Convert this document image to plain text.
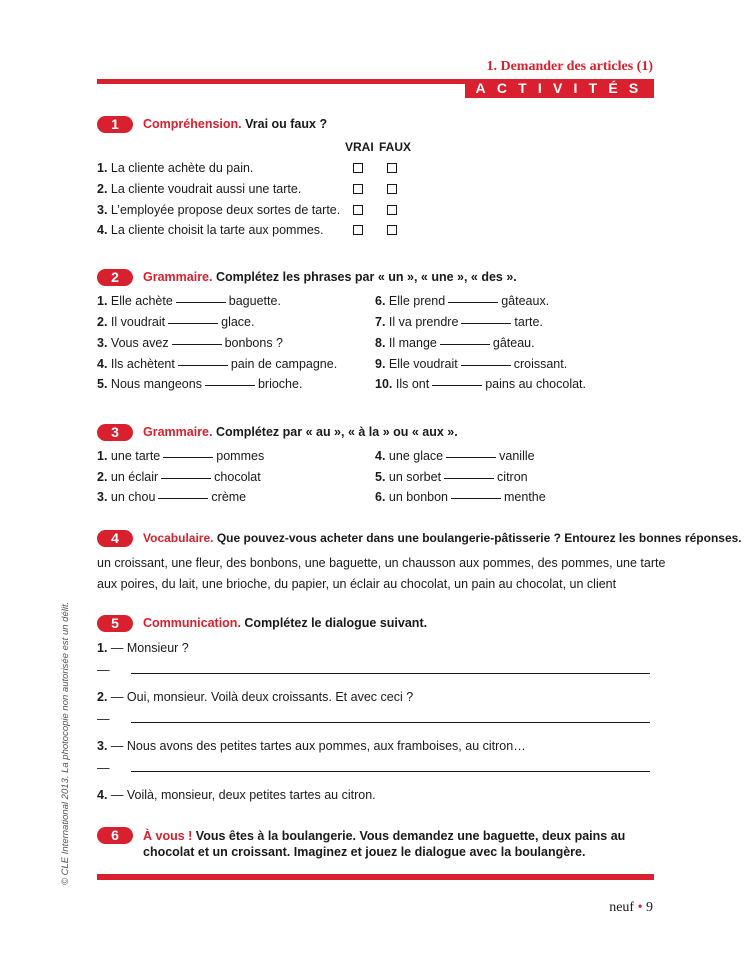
1. Demander des articles (1)
ACTIVITÉS
1	Compréhension. Vrai ou faux ?
VRAI FAUX
1. La cliente achète du pain.
2. La cliente voudrait aussi une tarte.
3. L’employée propose deux sortes de tarte.
4. La cliente choisit la tarte aux pommes.
2	Grammaire. Complétez les phrases par « un », « une », « des ».
1. Elle achète	baguette.
2. Il voudrait	glace.
3. Vous avez	bonbons ?
4. Ils achètent	pain de campagne.
5. Nous mangeons	brioche.
6. Elle prend	gâteaux.
7. Il va prendre	tarte.
8. Il mange	gâteau.
9. Elle voudrait	croissant.
10. Ils ont	pains au chocolat.
3	Grammaire. Complétez par « au », « à la » ou « aux ».
1. une tarte	pommes
2. un éclair	chocolat
3. un chou	crème
4. une glace	vanille
5. un sorbet	citron
6. un bonbon	menthe
4	Vocabulaire. Que pouvez-vous acheter dans une boulangerie-pâtisserie ? Entourez les bonnes réponses.
un croissant, une fleur, des bonbons, une baguette, un chausson aux pommes, des pommes, une tarte
aux poires, du lait, une brioche, du papier, un éclair au chocolat, un pain au chocolat, un client
5	Communication. Complétez le dialogue suivant.
1. — Monsieur ?
—
2. — Oui, monsieur. Voilà deux croissants. Et avec ceci ?
—
3. — Nous avons des petites tartes aux pommes, aux framboises, au citron…
—
4. — Voilà, monsieur, deux petites tartes au citron.
6	À vous ! Vous êtes à la boulangerie. Vous demandez une baguette, deux pains au chocolat et un croissant. Imaginez et jouez le dialogue avec la boulangère.
© CLE International 2013. La photocopie non autorisée est un délit.
neuf • 9
